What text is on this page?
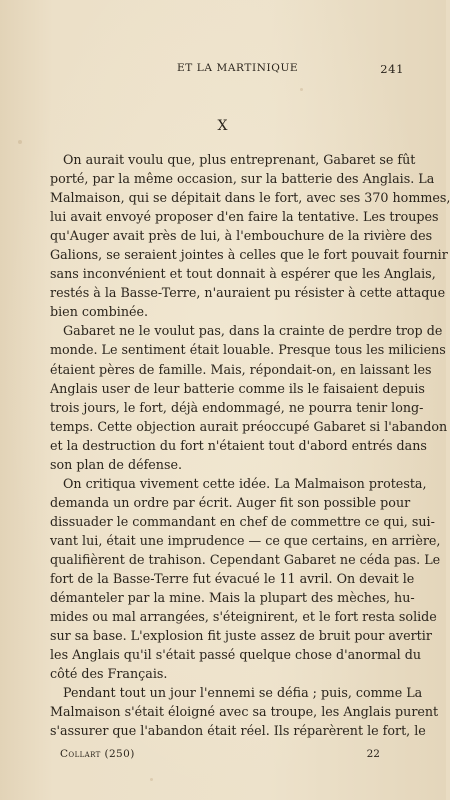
ET LA MARTINIQUE	241
X
On aurait voulu que, plus entreprenant, Gabaret se fût
porté, par la même occasion, sur la batterie des Anglais. La
Malmaison, qui se dépitait dans le fort, avec ses 370 hommes,
lui avait envoyé proposer d'en faire la tentative. Les troupes
qu'Auger avait près de lui, à l'embouchure de la rivière des
Galions, se seraient jointes à celles que le fort pouvait fournir
sans inconvénient et tout donnait à espérer que les Anglais,
restés à la Basse-Terre, n'auraient pu résister à cette attaque
bien combinée.
Gabaret ne le voulut pas, dans la crainte de perdre trop de
monde. Le sentiment était louable. Presque tous les miliciens
étaient pères de famille. Mais, répondait-on, en laissant les
Anglais user de leur batterie comme ils le faisaient depuis
trois jours, le fort, déjà endommagé, ne pourra tenir long-
temps. Cette objection aurait préoccupé Gabaret si l'abandon
et la destruction du fort n'étaient tout d'abord entrés dans
son plan de défense.
On critiqua vivement cette idée. La Malmaison protesta,
demanda un ordre par écrit. Auger fit son possible pour
dissuader le commandant en chef de commettre ce qui, sui-
vant lui, était une imprudence — ce que certains, en arrière,
qualifièrent de trahison. Cependant Gabaret ne céda pas. Le
fort de la Basse-Terre fut évacué le 11 avril. On devait le
démanteler par la mine. Mais la plupart des mèches, hu-
mides ou mal arrangées, s'éteignirent, et le fort resta solide
sur sa base. L'explosion fit juste assez de bruit pour avertir
les Anglais qu'il s'était passé quelque chose d'anormal du
côté des Français.
Pendant tout un jour l'ennemi se défia ; puis, comme La
Malmaison s'était éloigné avec sa troupe, les Anglais purent
s'assurer que l'abandon était réel. Ils réparèrent le fort, le
Collart (250)	22
